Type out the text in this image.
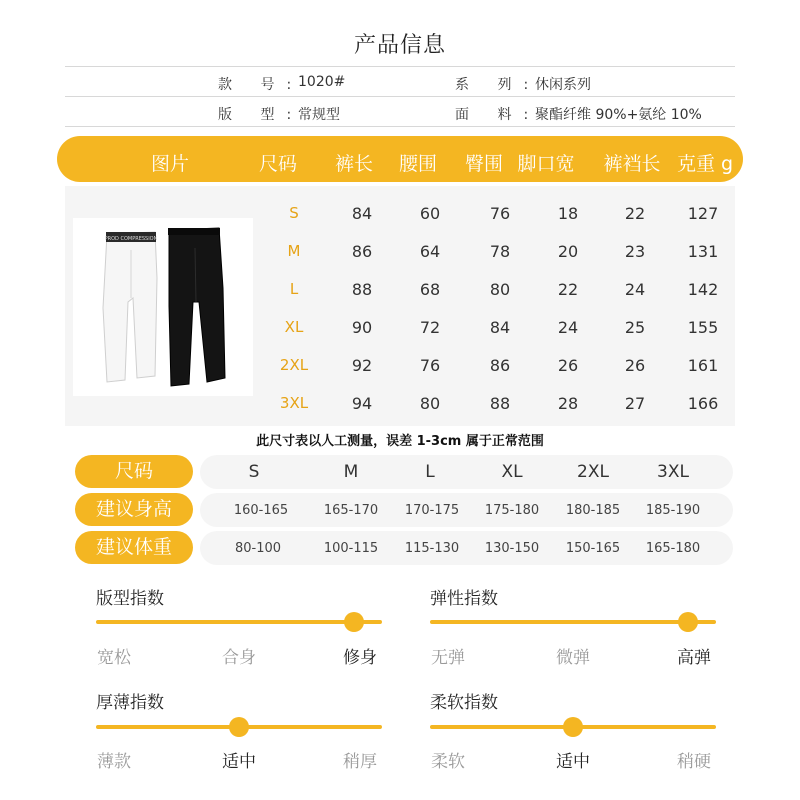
产品信息
款 号:
1020#	系 列:
休闲系列
版 型:
常规型	面 料:
聚酯纤维 90%+氨纶 10%
图片	尺码 裤长 腰围 臀围 脚口宽 裤裆长 克重 g
PROD COMPRESSION
S	84	60	76	18	22	127
M	86	64	78	20	23	131
L	88	68	80	22	24	142
XL	90	72	84	24	25	155
2XL	92	76	86	26	26	161
3XL	94	80	88	28	27	166
此尺寸表以人工测量，误差 1-3cm 属于正常范围
尺码	S	M	L	XL	2XL	3XL
建议身高	160-165	165-170 170-175 175-180 180-185 185-190
建议体重	80-100	100-115 115-130 130-150 150-165 165-180
版型指数
宽松	合身	修身
弹性指数
无弹	微弹	高弹
厚薄指数
薄款	适中	稍厚
柔软指数
柔软	适中	稍硬
